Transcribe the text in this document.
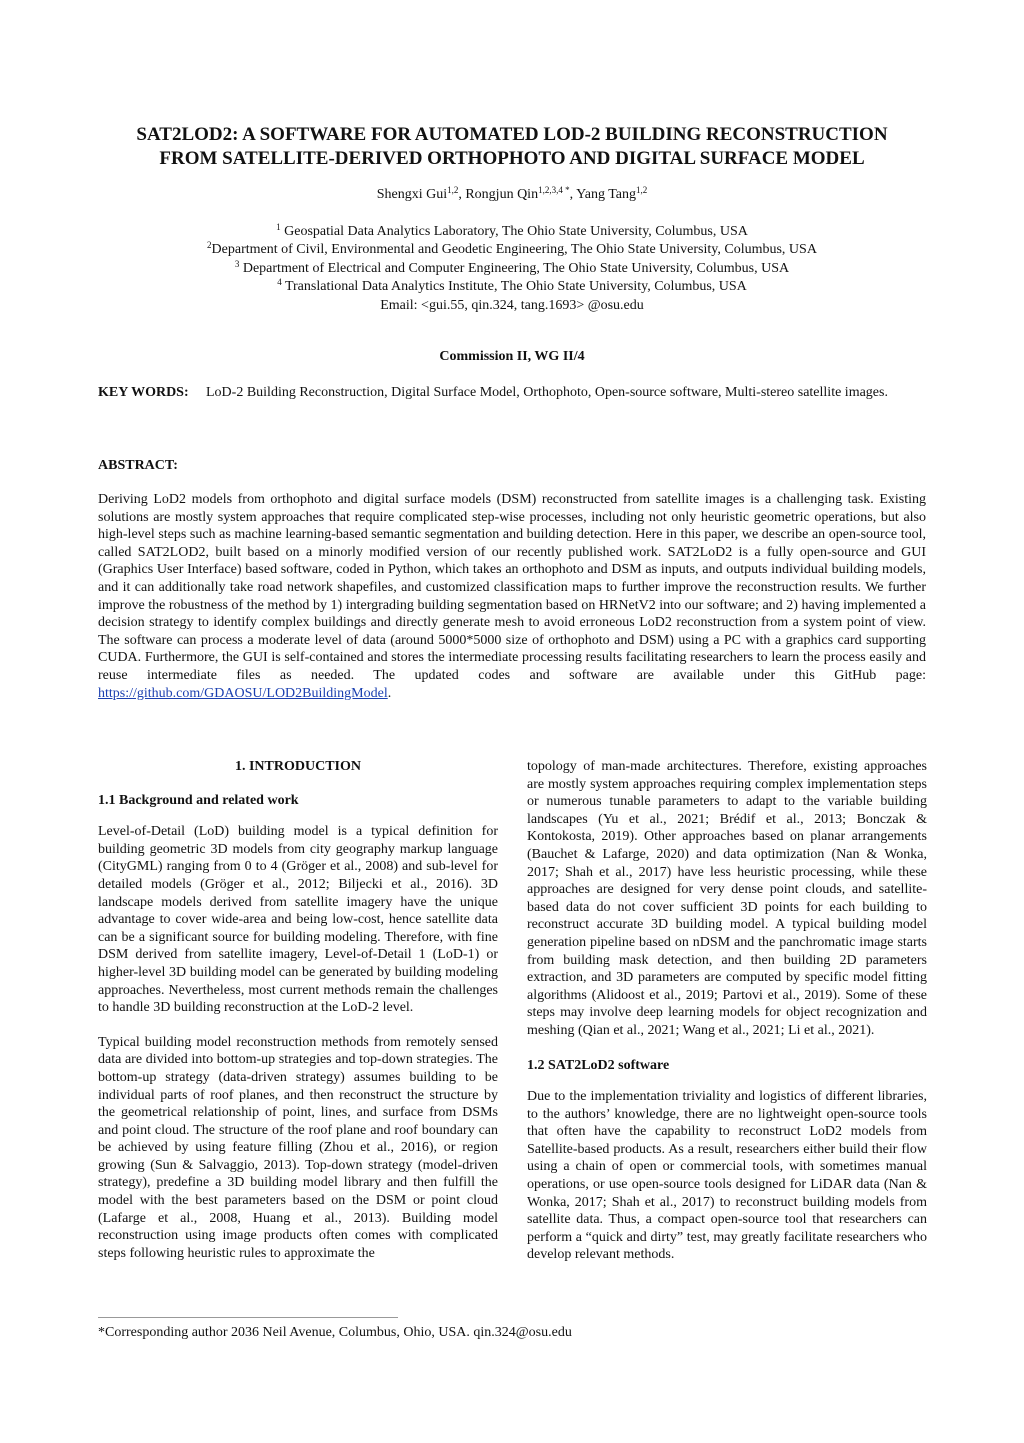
SAT2LOD2: A SOFTWARE FOR AUTOMATED LOD-2 BUILDING RECONSTRUCTION
FROM SATELLITE-DERIVED ORTHOPHOTO AND DIGITAL SURFACE MODEL
Shengxi Gui$^{1,2}$, Rongjun Qin$^{1,2,3,4 *}$, Yang Tang$^{1,2}$
$^1$ Geospatial Data Analytics Laboratory, The Ohio State University, Columbus, USA
$^2$Department of Civil, Environmental and Geodetic Engineering, The Ohio State University, Columbus, USA
$^3$ Department of Electrical and Computer Engineering, The Ohio State University, Columbus, USA
$^4$ Translational Data Analytics Institute, The Ohio State University, Columbus, USA
Email: <gui.55, qin.324, tang.1693> @osu.edu
Commission II, WG II/4
KEY WORDS: LoD-2 Building Reconstruction, Digital Surface Model, Orthophoto, Open-source software, Multi-stereo satellite images.
ABSTRACT:

Deriving LoD2 models from orthophoto and digital surface models (DSM) reconstructed from satellite images is a challenging task. Existing solutions are mostly system approaches that require complicated step-wise processes, including not only heuristic geometric operations, but also high-level steps such as machine learning-based semantic segmentation and building detection. Here in this paper, we describe an open-source tool, called SAT2LOD2, built based on a minorly modified version of our recently published work. SAT2LoD2 is a fully open-source and GUI (Graphics User Interface) based software, coded in Python, which takes an orthophoto and DSM as inputs, and outputs individual building models, and it can additionally take road network shapefiles, and customized classification maps to further improve the reconstruction results. We further improve the robustness of the method by 1) intergrading building segmentation based on HRNetV2 into our software; and 2) having implemented a decision strategy to identify complex buildings and directly generate mesh to avoid erroneous LoD2 reconstruction from a system point of view. The software can process a moderate level of data (around 5000*5000 size of orthophoto and DSM) using a PC with a graphics card supporting CUDA. Furthermore, the GUI is self-contained and stores the intermediate processing results facilitating researchers to learn the process easily and reuse intermediate files as needed. The updated codes and software are available under this GitHub page: https://github.com/GDAOSU/LOD2BuildingModel.

1. INTRODUCTION
1.1 Background and related work

Level-of-Detail (LoD) building model is a typical definition for building geometric 3D models from city geography markup language (CityGML) ranging from 0 to 4 (Gröger et al., 2008) and sub-level for detailed models (Gröger et al., 2012; Biljecki et al., 2016). 3D landscape models derived from satellite imagery have the unique advantage to cover wide-area and being low-cost, hence satellite data can be a significant source for building modeling. Therefore, with fine DSM derived from satellite imagery, Level-of-Detail 1 (LoD-1) or higher-level 3D building model can be generated by building modeling approaches. Nevertheless, most current methods remain the challenges to handle 3D building reconstruction at the LoD-2 level.

Typical building model reconstruction methods from remotely sensed data are divided into bottom-up strategies and top-down strategies. The bottom-up strategy (data-driven strategy) assumes building to be individual parts of roof planes, and then reconstruct the structure by the geometrical relationship of point, lines, and surface from DSMs and point cloud. The structure of the roof plane and roof boundary can be achieved by using feature filling (Zhou et al., 2016), or region growing (Sun & Salvaggio, 2013). Top-down strategy (model-driven strategy), predefine a 3D building model library and then fulfill the model with the best parameters based on the DSM or point cloud (Lafarge et al., 2008, Huang et al., 2013). Building model reconstruction using image products often comes with complicated steps following heuristic rules to approximate the

topology of man-made architectures. Therefore, existing approaches are mostly system approaches requiring complex implementation steps or numerous tunable parameters to adapt to the variable building landscapes (Yu et al., 2021; Brédif et al., 2013; Bonczak & Kontokosta, 2019). Other approaches based on planar arrangements (Bauchet & Lafarge, 2020) and data optimization (Nan & Wonka, 2017; Shah et al., 2017) have less heuristic processing, while these approaches are designed for very dense point clouds, and satellite-based data do not cover sufficient 3D points for each building to reconstruct accurate 3D building model. A typical building model generation pipeline based on nDSM and the panchromatic image starts from building mask detection, and then building 2D parameters extraction, and 3D parameters are computed by specific model fitting algorithms (Alidoost et al., 2019; Partovi et al., 2019). Some of these steps may involve deep learning models for object recognization and meshing (Qian et al., 2021; Wang et al., 2021; Li et al., 2021).

1.2 SAT2LoD2 software

Due to the implementation triviality and logistics of different libraries, to the authors’ knowledge, there are no lightweight open-source tools that often have the capability to reconstruct LoD2 models from Satellite-based products. As a result, researchers either build their flow using a chain of open or commercial tools, with sometimes manual operations, or use open-source tools designed for LiDAR data (Nan & Wonka, 2017; Shah et al., 2017) to reconstruct building models from satellite data. Thus, a compact open-source tool that researchers can perform a “quick and dirty” test, may greatly facilitate researchers who develop relevant methods.

*Corresponding author 2036 Neil Avenue, Columbus, Ohio, USA. qin.324@osu.edu
